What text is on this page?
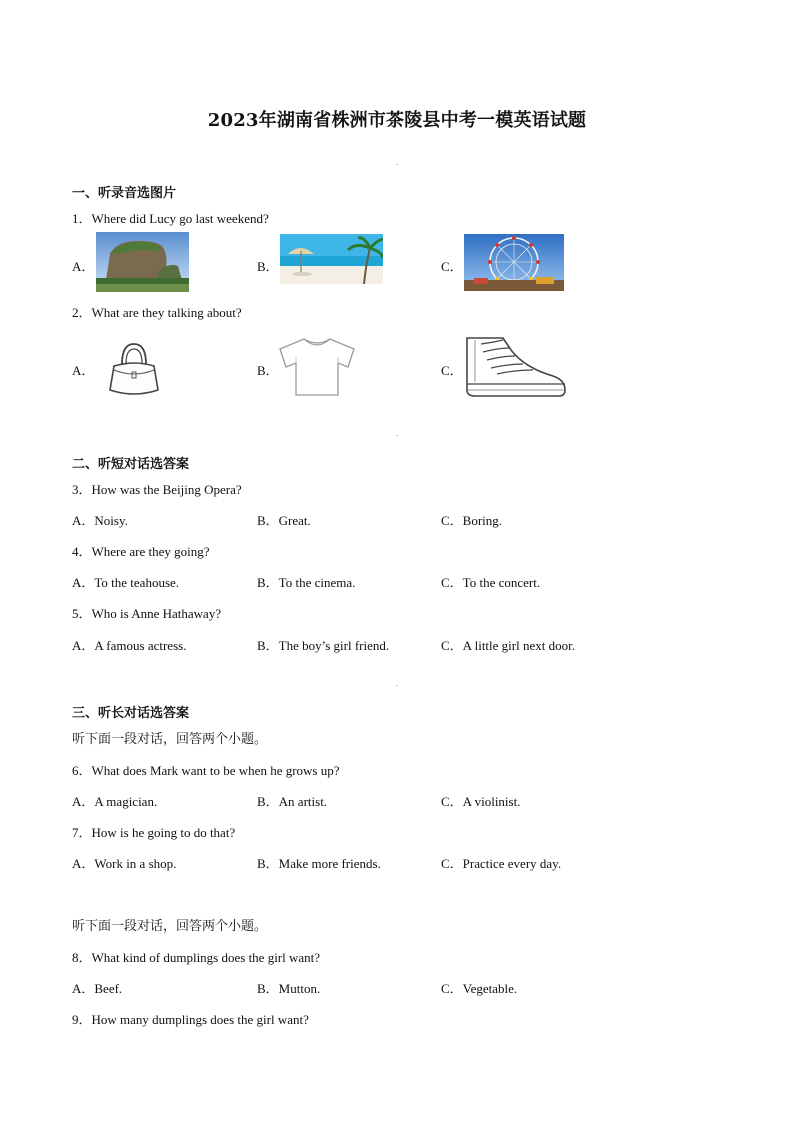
2023年湖南省株洲市茶陵县中考一模英语试题
一、听录音选图片
1．Where did Lucy go last weekend?
A．	B．	C．
2．What are they talking about?
A．	B．	C．
二、听短对话选答案
3．How was the Beijing Opera?
A．Noisy.	B．Great.	C．Boring.
4．Where are they going?
A．To the teahouse.	B．To the cinema.	C．To the concert.
5．Who is Anne Hathaway?
A．A famous actress.	B．The boy’s girl friend.	C．A little girl next door.
三、听长对话选答案
听下面一段对话，回答两个小题。
6．What does Mark want to be when he grows up?
A．A magician.	B．An artist.	C．A violinist.
7．How is he going to do that?
A．Work in a shop.	B．Make more friends.	C．Practice every day.
听下面一段对话，回答两个小题。
8．What kind of dumplings does the girl want?
A．Beef.	B．Mutton.	C．Vegetable.
9．How many dumplings does the girl want?
